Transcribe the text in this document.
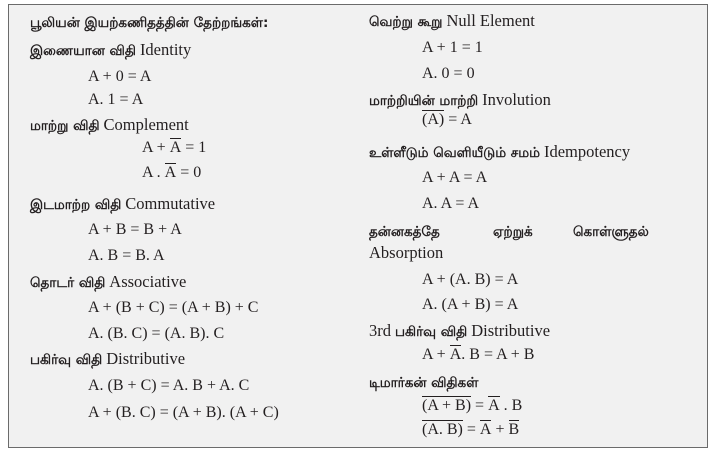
பூலியன் இயற்கணிதத்தின் தேற்றங்கள்:
இணையான விதி Identity
A + 0 = A
A. 1 = A
மாற்று விதி Complement
A + A = 1
A . A = 0
இடமாற்ற விதி Commutative
A + B = B + A
A. B = B. A
தொடர் விதி Associative
A + (B + C) = (A + B) + C
A. (B. C) = (A. B). C
பகிர்வு விதி Distributive
A. (B + C) = A. B + A. C
A + (B. C) = (A + B). (A + C)
வெற்று கூறு Null Element
A + 1 = 1
A. 0 = 0
மாற்றியின் மாற்றி Involution
(A) = A
உள்ளீடும் வெளியீடும் சமம் Idempotency
A + A = A
A. A = A
தன்னகத்தே	ஏற்றுக்	கொள்ளுதல்
Absorption
A + (A. B) = A
A. (A + B) = A
3rd பகிர்வு விதி Distributive
A + A. B = A + B
டிமார்கன் விதிகள்
(A + B) = A . B
(A. B) = A + B
